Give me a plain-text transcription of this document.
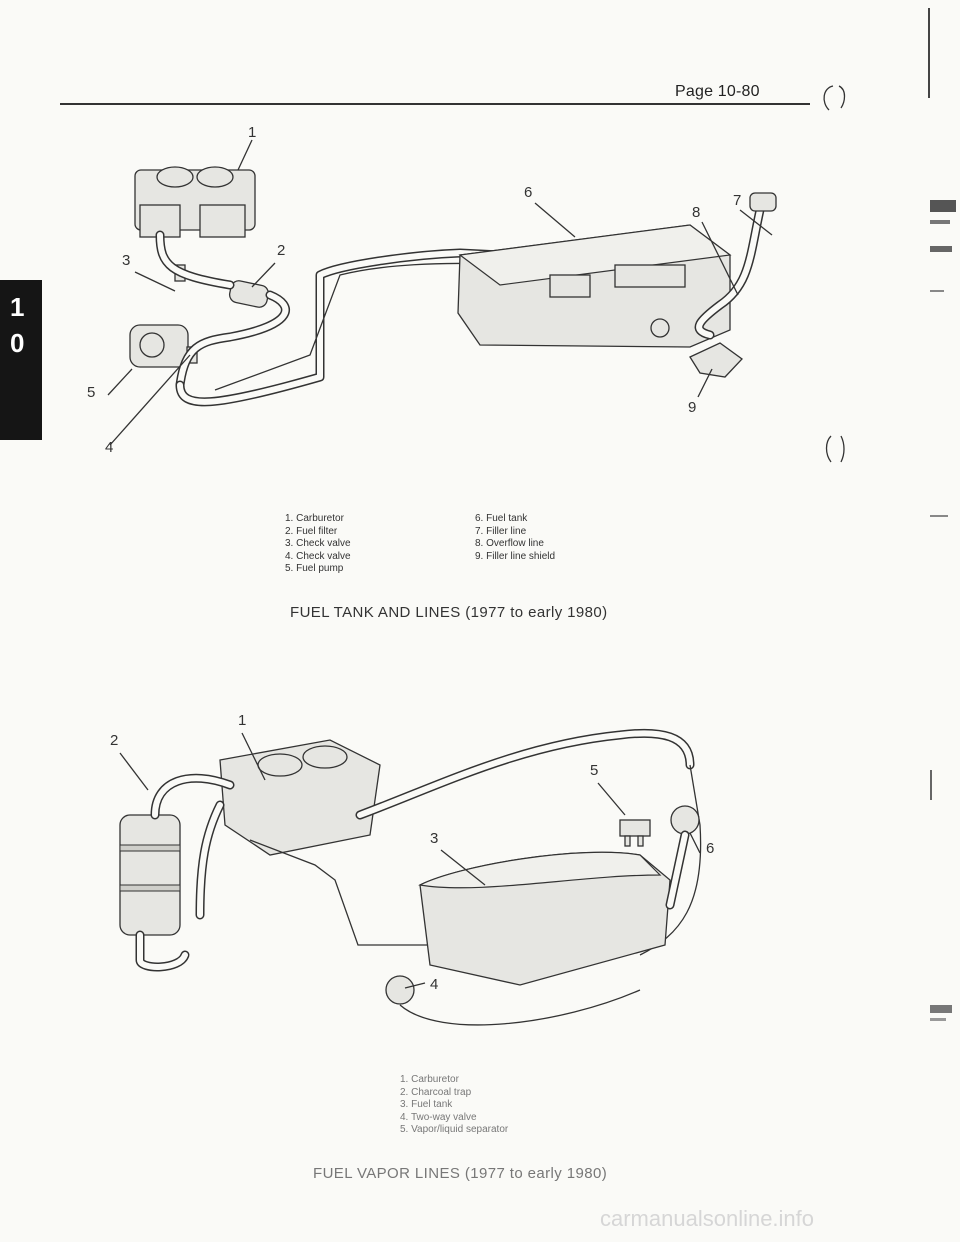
Page 10-80
1
0
1
2
3
4
5
6	7
8
9
1. Carburetor
2. Fuel filter
3. Check valve
4. Check valve
5. Fuel pump
6. Fuel tank
7. Filler line
8. Overflow line
9. Filler line shield
FUEL TANK AND LINES (1977 to early 1980)
1
2
3
4
5
6
1. Carburetor
2. Charcoal trap
3. Fuel tank
4. Two-way valve
5. Vapor/liquid separator
FUEL VAPOR LINES (1977 to early 1980)
carmanualsonline.info
